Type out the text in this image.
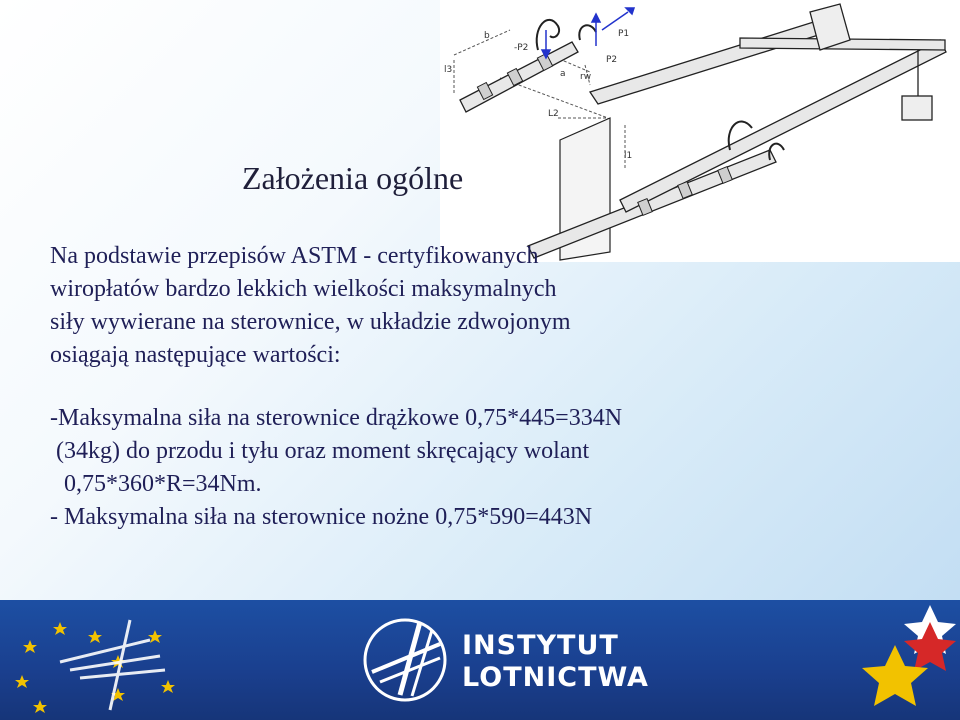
b
-P2
P1
P2
l3	a rw
L2
l1
Założenia ogólne
Na podstawie przepisów ASTM - certyfikowanych
wiropłatów bardzo lekkich wielkości maksymalnych
siły wywierane na sterownice, w układzie zdwojonym
osiągają następujące wartości:
-Maksymalna siła na sterownice drążkowe 0,75*445=334N
(34kg) do przodu i tyłu oraz moment skręcający wolant
0,75*360*R=34Nm.
- Maksymalna siła na sterownice nożne 0,75*590=443N
INSTYTUT
LOTNICTWA
